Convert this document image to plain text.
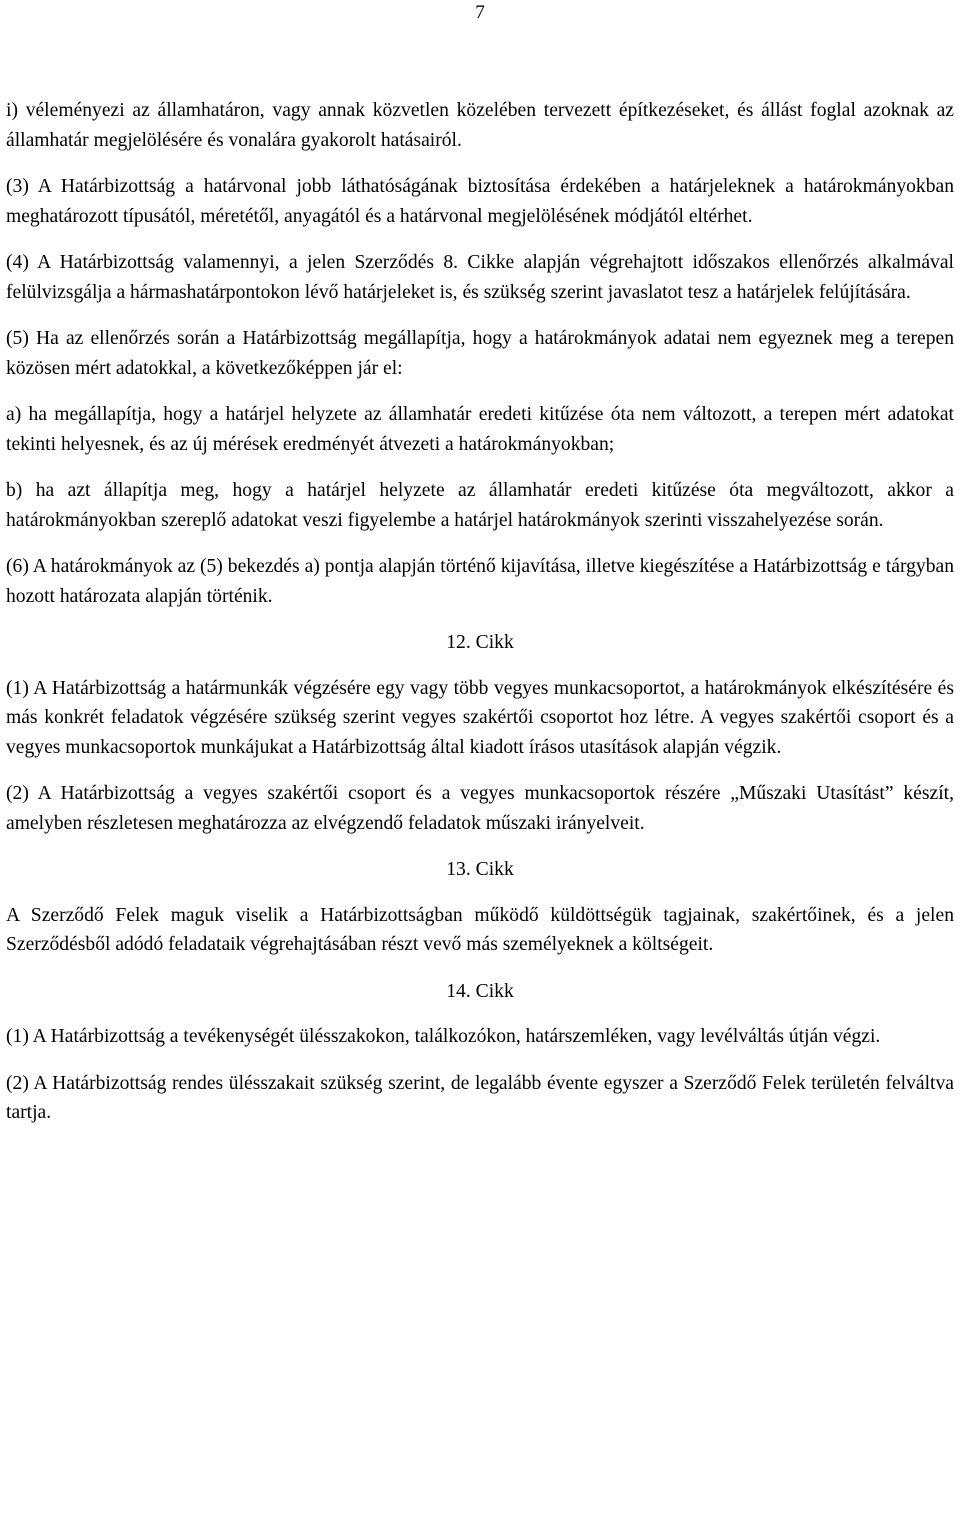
7

i) véleményezi az államhatáron, vagy annak közvetlen közelében tervezett építkezéseket, és állást foglal azoknak az államhatár megjelölésére és vonalára gyakorolt hatásairól.

(3) A Határbizottság a határvonal jobb láthatóságának biztosítása érdekében a határjeleknek a határokmányokban meghatározott típusától, méretétől, anyagától és a határvonal megjelölésének módjától eltérhet.

(4) A Határbizottság valamennyi, a jelen Szerződés 8. Cikke alapján végrehajtott időszakos ellenőrzés alkalmával felülvizsgálja a hármashatárpontokon lévő határjeleket is, és szükség szerint javaslatot tesz a határjelek felújítására.

(5) Ha az ellenőrzés során a Határbizottság megállapítja, hogy a határokmányok adatai nem egyeznek meg a terepen közösen mért adatokkal, a következőképpen jár el:

a) ha megállapítja, hogy a határjel helyzete az államhatár eredeti kitűzése óta nem változott, a terepen mért adatokat tekinti helyesnek, és az új mérések eredményét átvezeti a határokmányokban;

b) ha azt állapítja meg, hogy a határjel helyzete az államhatár eredeti kitűzése óta megváltozott, akkor a határokmányokban szereplő adatokat veszi figyelembe a határjel határokmányok szerinti visszahelyezése során.

(6) A határokmányok az (5) bekezdés a) pontja alapján történő kijavítása, illetve kiegészítése a Határbizottság e tárgyban hozott határozata alapján történik.

12. Cikk

(1) A Határbizottság a határmunkák végzésére egy vagy több vegyes munkacsoportot, a határokmányok elkészítésére és más konkrét feladatok végzésére szükség szerint vegyes szakértői csoportot hoz létre. A vegyes szakértői csoport és a vegyes munkacsoportok munkájukat a Határbizottság által kiadott írásos utasítások alapján végzik.

(2) A Határbizottság a vegyes szakértői csoport és a vegyes munkacsoportok részére „Műszaki Utasítást” készít, amelyben részletesen meghatározza az elvégzendő feladatok műszaki irányelveit.

13. Cikk

A Szerződő Felek maguk viselik a Határbizottságban működő küldöttségük tagjainak, szakértőinek, és a jelen Szerződésből adódó feladataik végrehajtásában részt vevő más személyeknek a költségeit.

14. Cikk

(1) A Határbizottság a tevékenységét ülésszakokon, találkozókon, határszemléken, vagy levélváltás útján végzi.

(2) A Határbizottság rendes ülésszakait szükség szerint, de legalább évente egyszer a Szerződő Felek területén felváltva tartja.
